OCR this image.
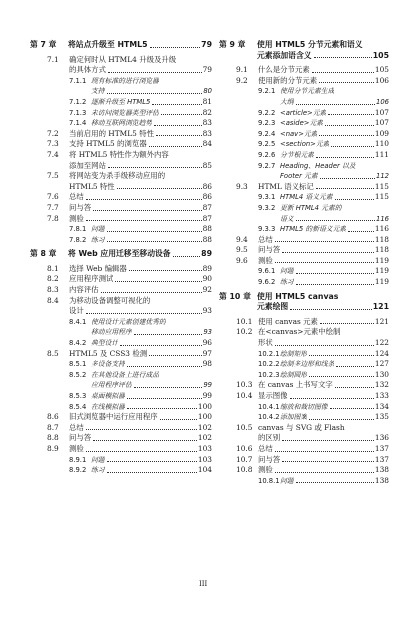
第 7 章	将站点升级至 HTML5	79
7.1	确定何时从 HTML4 升级及升级
的具体方式	79
7.1.1 现有标准的进行浏览器
支持	80
7.1.2 逐渐升级至 HTML5	81
7.1.3 未访问浏览器类型评估	82
7.1.4 移动互联网浏览趋势	83
7.2	当前启用的 HTML5 特性	83
7.3	支持 HTML5 的浏览器	84
7.4	将 HTML5 特性作为额外内容
添加至网站	85
7.5	将网站变为杀手级移动应用的
HTML5 特性	86
7.6	总结	86
7.7	问与答	87
7.8	测验	87
7.8.1 问题	88
7.8.2 练习	88
第 8 章	将 Web 应用迁移至移动设备	89
8.1	选择 Web 编辑器	89
8.2	应用程序测试	90
8.3	内容评估	92
8.4	为移动设备调整可视化的
设计	93
8.4.1 使用设计元素创建优秀的
移动应用程序	93
8.4.2 典型设计	96
8.5	HTML5 及 CSS3 检测	97
8.5.1 多设备支持	98
8.5.2 在其他设备上进行成品
应用程序评估	99
8.5.3 桌面模拟器	99
8.5.4 在线模拟器	100
8.6	旧式浏览器中运行应用程序	100
8.7	总结	102
8.8	问与答	102
8.9	测验	103
8.9.1 问题	103
8.9.2 练习	104
第 9 章	使用 HTML5 分节元素和语义
元素添加语含义	105
9.1	什么是分节元素	105
9.2	使用新的分节元素	106
9.2.1 使用分节元素生成
大纲	106
9.2.2 <article>元素	107
9.2.3 <aside>元素	107
9.2.4 <nav>元素	109
9.2.5 <section>元素	110
9.2.6 分节根元素	111
9.2.7 Heading、Header 以及
Footer 元素	112
9.3	HTML 语义标记	115
9.3.1 HTML4 语义元素	115
9.3.2 更新 HTML4 元素的
语义	116
9.3.3 HTML5 的新语义元素	116
9.4	总结	118
9.5	问与答	118
9.6	测验	119
9.6.1 问题	119
9.6.2 练习	119
第 10 章 使用 HTML5 canvas
元素绘图	121
10.1 使用 canvas 元素	121
10.2 在<canvas>元素中绘制
形状	122
10.2.1 绘制矩形	124
10.2.2 绘制多边形和线条	127
10.2.3 绘制圆形	130
10.3 在 canvas 上书写文字	132
10.4 显示图像	133
10.4.1 缩放和裁切图像	134
10.4.2 添加图案	135
10.5 canvas 与 SVG 或 Flash
的区别	136
10.6 总结	137
10.7 问与答	137
10.8 测验	138
10.8.1 问题	138
III
